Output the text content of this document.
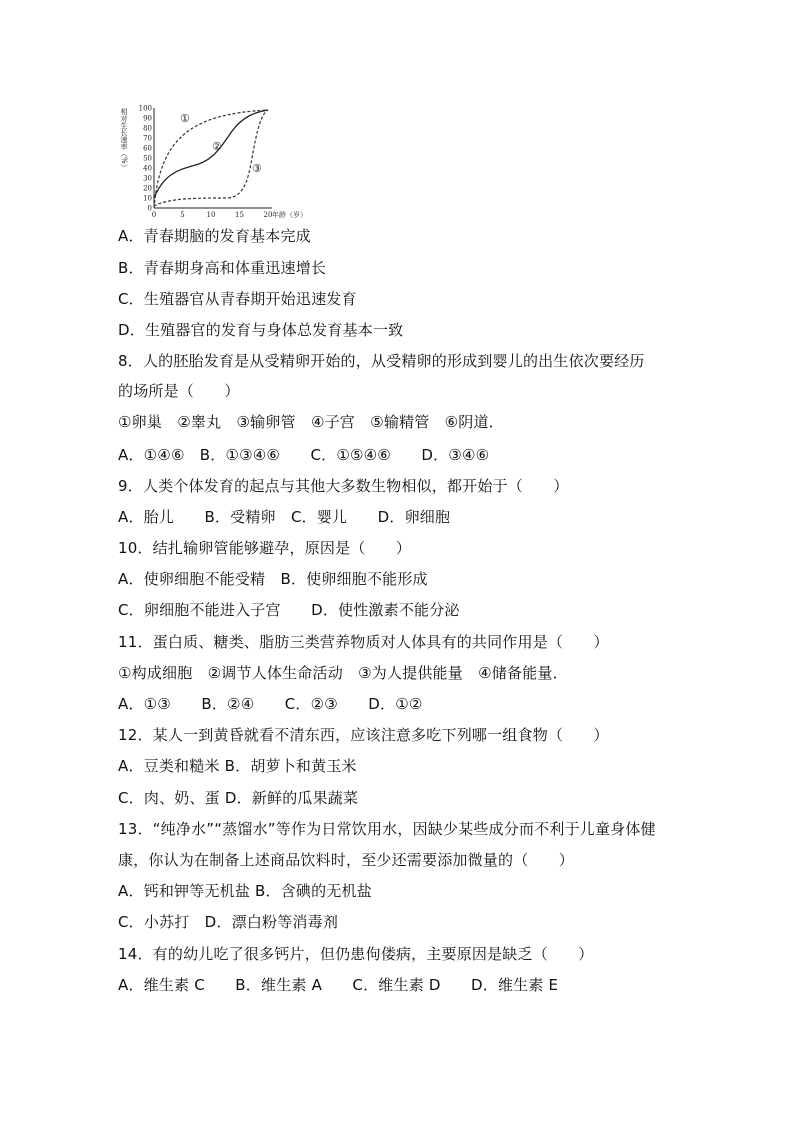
相对生长速率（%）
0
10
20
30
40
50
60
70
80
90
100
0	5	10	15	20
①
②
③
年龄（岁）
A．青春期脑的发育基本完成
B．青春期身高和体重迅速增长
C．生殖器官从青春期开始迅速发育
D．生殖器官的发育与身体总发育基本一致
8．人的胚胎发育是从受精卵开始的，从受精卵的形成到婴儿的出生依次要经历
的场所是（　　）
①卵巢　②睾丸　③输卵管　④子宫　⑤输精管　⑥阴道．
A．①④⑥　B．①③④⑥　　C．①⑤④⑥　　D．③④⑥
9．人类个体发育的起点与其他大多数生物相似，都开始于（　　）
A．胎儿　　B．受精卵　C．婴儿　　D．卵细胞
10．结扎输卵管能够避孕，原因是（　　）
A．使卵细胞不能受精　B．使卵细胞不能形成
C．卵细胞不能进入子宫　　D．使性激素不能分泌
11．蛋白质、糖类、脂肪三类营养物质对人体具有的共同作用是（　　）
①构成细胞　②调节人体生命活动　③为人提供能量　④储备能量．
A．①③　　B．②④　　C．②③　　D．①②
12．某人一到黄昏就看不清东西，应该注意多吃下列哪一组食物（　　）
A．豆类和糙米 B．胡萝卜和黄玉米
C．肉、奶、蛋 D．新鲜的瓜果蔬菜
13．“纯净水”“蒸馏水”等作为日常饮用水，因缺少某些成分而不利于儿童身体健
康，你认为在制备上述商品饮料时，至少还需要添加微量的（　　）
A．钙和钾等无机盐 B．含碘的无机盐
C．小苏打　D．漂白粉等消毒剂
14．有的幼儿吃了很多钙片，但仍患佝偻病，主要原因是缺乏（　　）
A．维生素 C　　B．维生素 A　　C．维生素 D　　D．维生素 E
